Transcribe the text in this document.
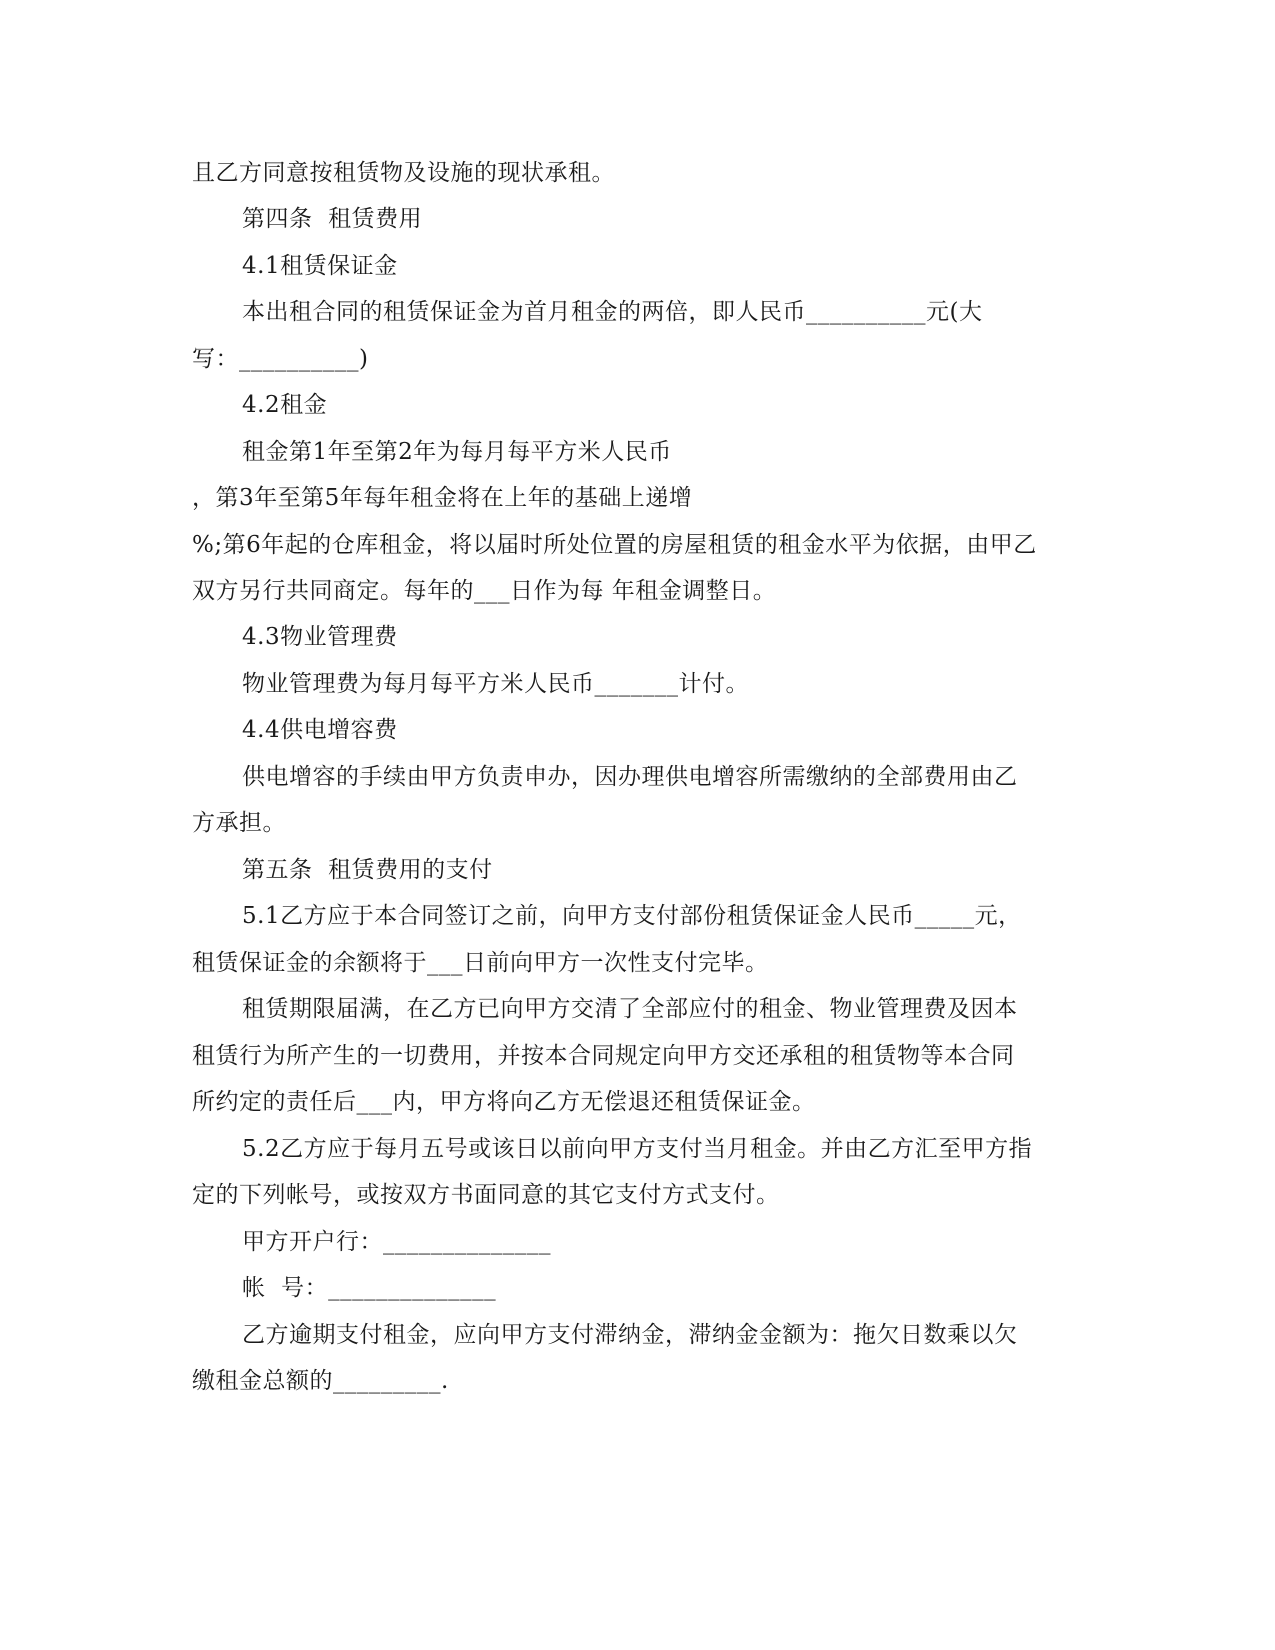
且乙方同意按租赁物及设施的现状承租。

第四条  租赁费用

4.1租赁保证金

本出租合同的租赁保证金为首月租金的两倍，即人民币__________元(大

写：__________)

4.2租金

租金第1年至第2年为每月每平方米人民币

，第3年至第5年每年租金将在上年的基础上递增

%;第6年起的仓库租金，将以届时所处位置的房屋租赁的租金水平为依据，由甲乙

双方另行共同商定。每年的___日作为每 年租金调整日。

4.3物业管理费

物业管理费为每月每平方米人民币_______计付。

4.4供电增容费

供电增容的手续由甲方负责申办，因办理供电增容所需缴纳的全部费用由乙

方承担。

第五条  租赁费用的支付

5.1乙方应于本合同签订之前，向甲方支付部份租赁保证金人民币_____元，

租赁保证金的余额将于___日前向甲方一次性支付完毕。

租赁期限届满，在乙方已向甲方交清了全部应付的租金、物业管理费及因本

租赁行为所产生的一切费用，并按本合同规定向甲方交还承租的租赁物等本合同

所约定的责任后___内，甲方将向乙方无偿退还租赁保证金。

5.2乙方应于每月五号或该日以前向甲方支付当月租金。并由乙方汇至甲方指

定的下列帐号，或按双方书面同意的其它支付方式支付。

甲方开户行：______________

帐  号：______________

乙方逾期支付租金，应向甲方支付滞纳金，滞纳金金额为：拖欠日数乘以欠

缴租金总额的_________.
